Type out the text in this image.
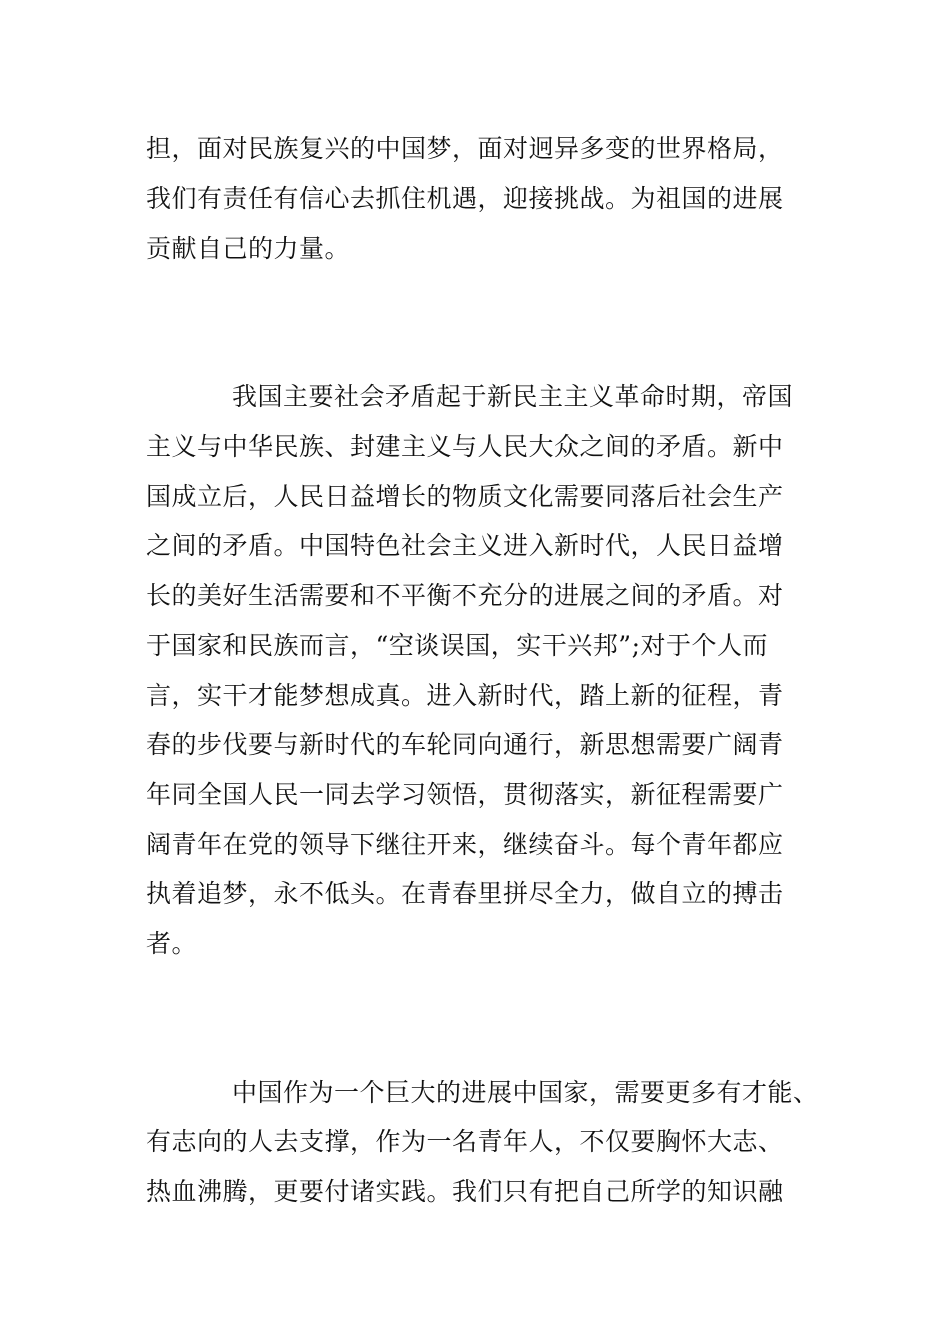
担，面对民族复兴的中国梦，面对迥异多变的世界格局，

我们有责任有信心去抓住机遇，迎接挑战。为祖国的进展

贡献自己的力量。

我国主要社会矛盾起于新民主主义革命时期，帝国

主义与中华民族、封建主义与人民大众之间的矛盾。新中

国成立后，人民日益增长的物质文化需要同落后社会生产

之间的矛盾。中国特色社会主义进入新时代，人民日益增

长的美好生活需要和不平衡不充分的进展之间的矛盾。对

于国家和民族而言，“空谈误国，实干兴邦”;对于个人而

言，实干才能梦想成真。进入新时代，踏上新的征程，青

春的步伐要与新时代的车轮同向通行，新思想需要广阔青

年同全国人民一同去学习领悟，贯彻落实，新征程需要广

阔青年在党的领导下继往开来，继续奋斗。每个青年都应

执着追梦，永不低头。在青春里拼尽全力，做自立的搏击

者。

中国作为一个巨大的进展中国家，需要更多有才能、

有志向的人去支撑，作为一名青年人，不仅要胸怀大志、

热血沸腾，更要付诸实践。我们只有把自己所学的知识融
